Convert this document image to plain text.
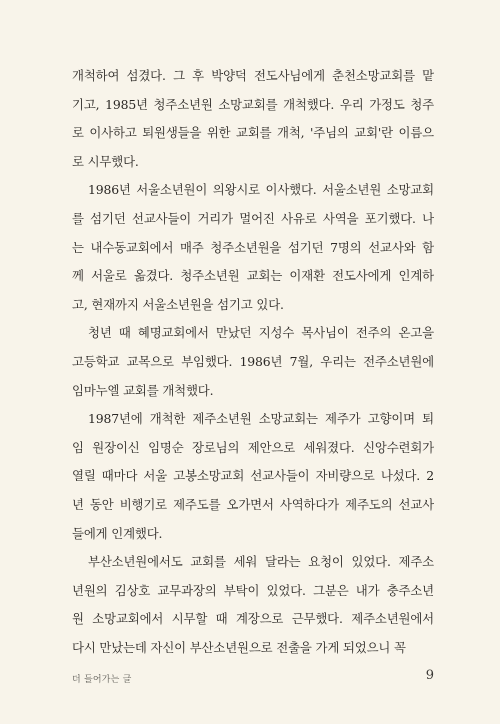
개척하여 섬겼다. 그 후 박양덕 전도사님에게 춘천소망교회를 맡
기고, 1985년 청주소년원 소망교회를 개척했다. 우리 가정도 청주
로 이사하고 퇴원생들을 위한 교회를 개척, '주님의 교회'란 이름으
로 시무했다.
1986년 서울소년원이 의왕시로 이사했다. 서울소년원 소망교회
를 섬기던 선교사들이 거리가 멀어진 사유로 사역을 포기했다. 나
는 내수동교회에서 매주 청주소년원을 섬기던 7명의 선교사와 함
께 서울로 옮겼다. 청주소년원 교회는 이재환 전도사에게 인계하
고, 현재까지 서울소년원을 섬기고 있다.
청년 때 혜명교회에서 만났던 지성수 목사님이 전주의 온고을
고등학교 교목으로 부임했다. 1986년 7월, 우리는 전주소년원에
임마누엘 교회를 개척했다.
1987년에 개척한 제주소년원 소망교회는 제주가 고향이며 퇴
임 원장이신 임명순 장로님의 제안으로 세워졌다. 신앙수련회가
열릴 때마다 서울 고봉소망교회 선교사들이 자비량으로 나섰다. 2
년 동안 비행기로 제주도를 오가면서 사역하다가 제주도의 선교사
들에게 인계했다.
부산소년원에서도 교회를 세워 달라는 요청이 있었다. 제주소
년원의 김상호 교무과장의 부탁이 있었다. 그분은 내가 충주소년
원 소망교회에서 시무할 때 계장으로 근무했다. 제주소년원에서
다시 만났는데 자신이 부산소년원으로 전출을 가게 되었으니 꼭
더 들어가는 글	9
